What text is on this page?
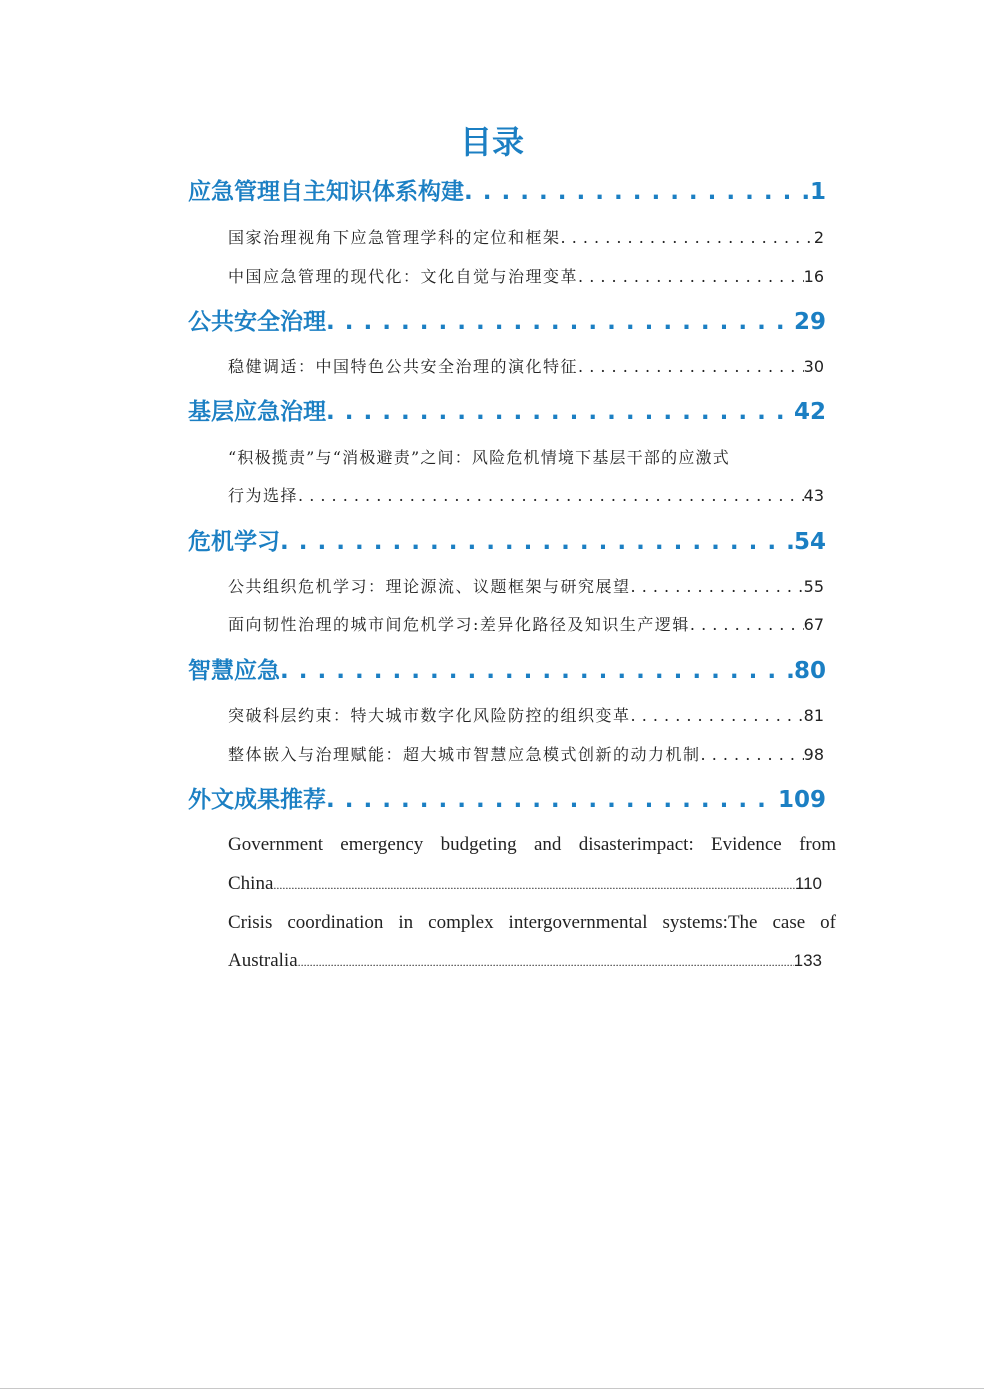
目录
应急管理自主知识体系构建 . . .	1
国家治理视角下应急管理学科的定位和框架 . . .	2
中国应急管理的现代化：文化自觉与治理变革 . . .	16
公共安全治理 . . .	29
稳健调适：中国特色公共安全治理的演化特征 . . .	30
基层应急治理 . . .	42
“积极揽责”与“消极避责”之间：风险危机情境下基层干部的应激式
行为选择 . . .	43
危机学习 . . .	54
公共组织危机学习：理论源流、议题框架与研究展望 . . .	55
面向韧性治理的城市间危机学习:差异化路径及知识生产逻辑 . . .	67
智慧应急 . . .	80
突破科层约束：特大城市数字化风险防控的组织变革 . . .	81
整体嵌入与治理赋能：超大城市智慧应急模式创新的动力机制 . . .	98
外文成果推荐 . . .	109
Government emergency budgeting and disasterimpact: Evidence from
China .....	110
Crisis coordination in complex intergovernmental systems:The case of
Australia .....	133
